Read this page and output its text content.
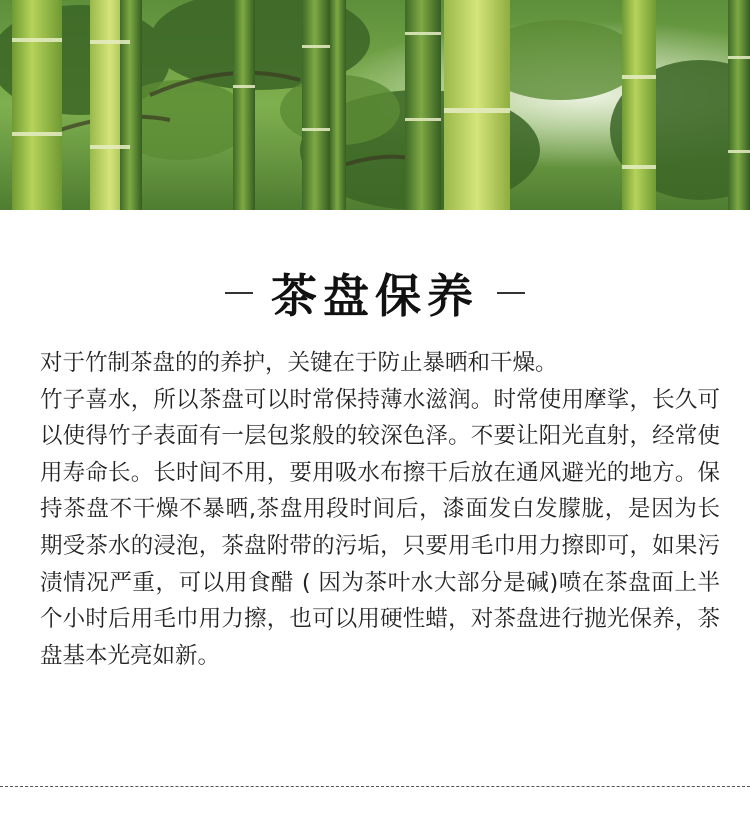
茶盘保养

对于竹制茶盘的的养护，关键在于防止暴晒和干燥。

竹子喜水，所以茶盘可以时常保持薄水滋润。时常使用摩挲，长久可以使得竹子表面有一层包浆般的较深色泽。不要让阳光直射，经常使用寿命长。长时间不用，要用吸水布擦干后放在通风避光的地方。保持茶盘不干燥不暴晒,茶盘用段时间后，漆面发白发朦胧，是因为长期受茶水的浸泡，茶盘附带的污垢，只要用毛巾用力擦即可，如果污渍情况严重，可以用食醋 ( 因为茶叶水大部分是碱)喷在茶盘面上半个小时后用毛巾用力擦，也可以用硬性蜡，对茶盘进行抛光保养，茶盘基本光亮如新。
